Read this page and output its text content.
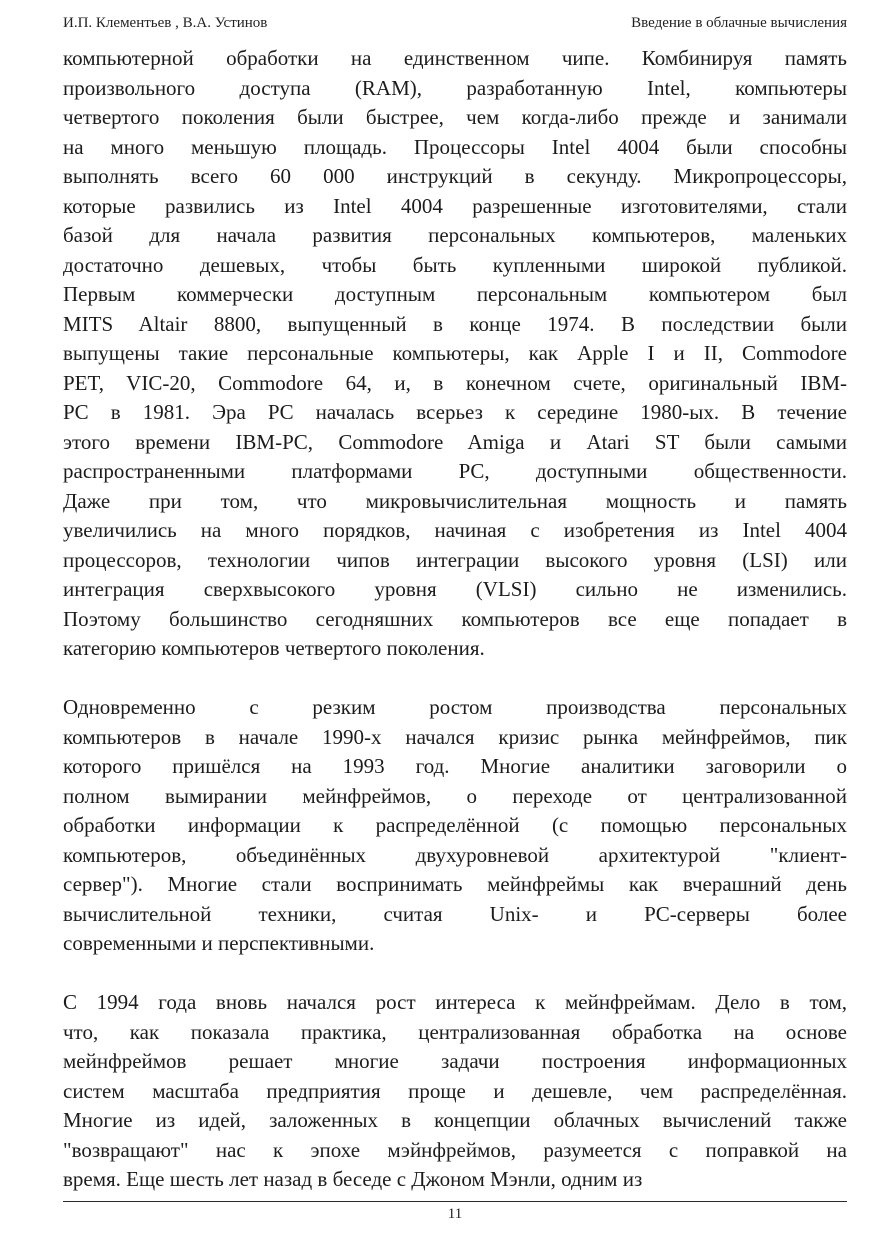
И.П. Клементьев , В.А. Устинов	Введение в облачные вычисления
компьютерной обработки на единственном чипе. Комбинируя память
произвольного доступа (RAM), разработанную Intel, компьютеры
четвертого поколения были быстрее, чем когда-либо прежде и занимали
на много меньшую площадь. Процессоры Intel 4004 были способны
выполнять всего 60 000 инструкций в секунду. Микропроцессоры,
которые развились из Intel 4004 разрешенные изготовителями, стали
базой для начала развития персональных компьютеров, маленьких
достаточно дешевых, чтобы быть купленными широкой публикой.
Первым коммерчески доступным персональным компьютером был
MITS Altair 8800, выпущенный в конце 1974. В последствии были
выпущены такие персональные компьютеры, как Apple I и II, Commodore
PET, VIC-20, Commodore 64, и, в конечном счете, оригинальный IBM-
PC в 1981. Эра PC началась всерьез к середине 1980-ых. В течение
этого времени IBM-PC, Commodore Amiga и Atari ST были самыми
распространенными платформами PC, доступными общественности.
Даже при том, что микровычислительная мощность и память
увеличились на много порядков, начиная с изобретения из Intel 4004
процессоров, технологии чипов интеграции высокого уровня (LSI) или
интеграция сверхвысокого уровня (VLSI) сильно не изменились.
Поэтому большинство сегодняшних компьютеров все еще попадает в
категорию компьютеров четвертого поколения.
Одновременно с резким ростом производства персональных
компьютеров в начале 1990-х начался кризис рынка мейнфреймов, пик
которого пришёлся на 1993 год. Многие аналитики заговорили о
полном вымирании мейнфреймов, о переходе от централизованной
обработки информации к распределённой (с помощью персональных
компьютеров, объединённых двухуровневой архитектурой "клиент-
сервер"). Многие стали воспринимать мейнфреймы как вчерашний день
вычислительной техники, считая Unix- и PC-серверы более
современными и перспективными.
С 1994 года вновь начался рост интереса к мейнфреймам. Дело в том,
что, как показала практика, централизованная обработка на основе
мейнфреймов решает многие задачи построения информационных
систем масштаба предприятия проще и дешевле, чем распределённая.
Многие из идей, заложенных в концепции облачных вычислений также
"возвращают" нас к эпохе мэйнфреймов, разумеется с поправкой на
время. Еще шесть лет назад в беседе с Джоном Мэнли, одним из
11
